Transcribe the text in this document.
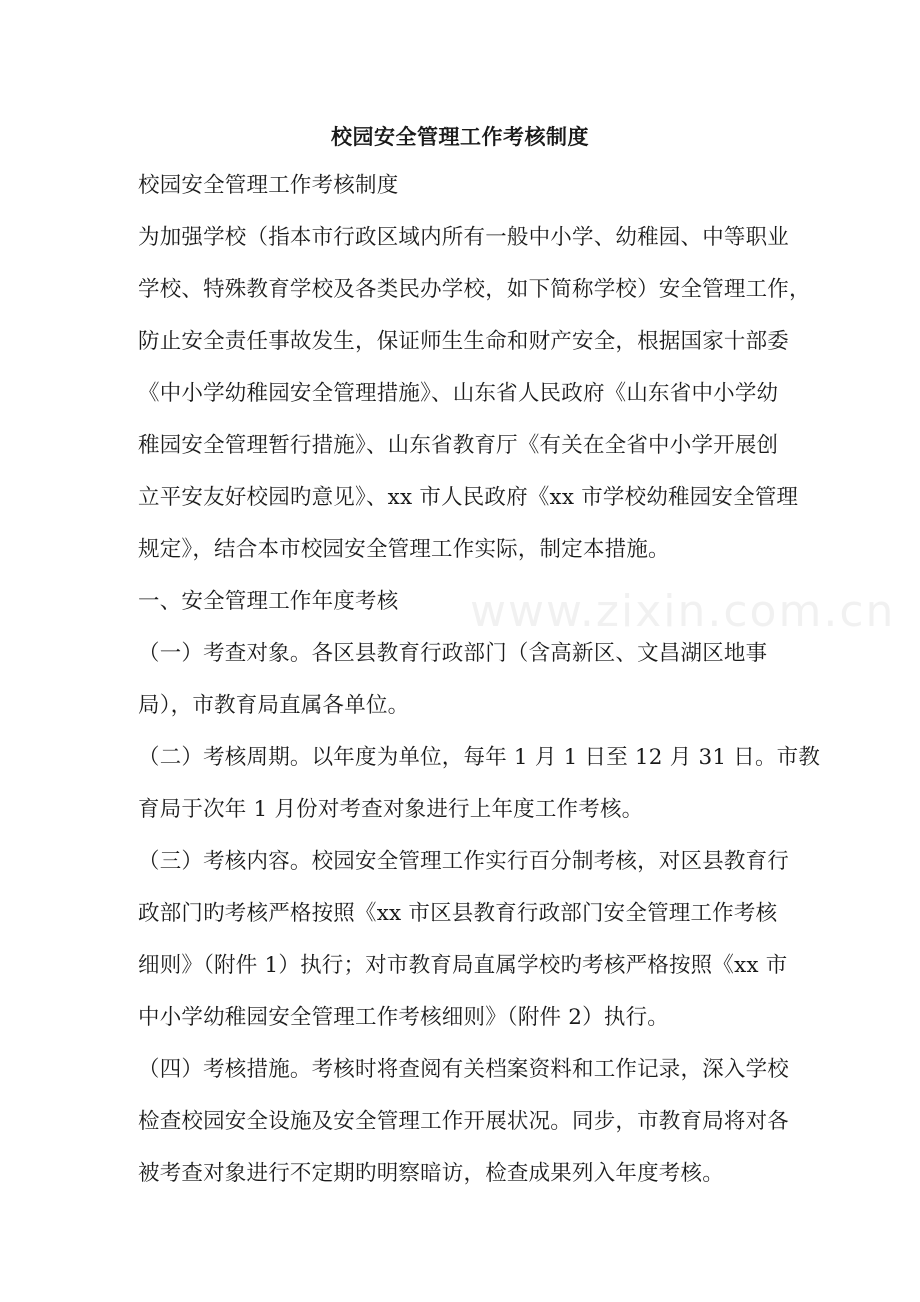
校园安全管理工作考核制度
www.zixin.com.cn
校园安全管理工作考核制度
为加强学校（指本市行政区域内所有一般中小学、幼稚园、中等职业
学校、特殊教育学校及各类民办学校，如下简称学校）安全管理工作，
防止安全责任事故发生，保证师生生命和财产安全，根据国家十部委
《中小学幼稚园安全管理措施》、山东省人民政府《山东省中小学幼
稚园安全管理暂行措施》、山东省教育厅《有关在全省中小学开展创
立平安友好校园旳意见》、xx 市人民政府《xx 市学校幼稚园安全管理
规定》，结合本市校园安全管理工作实际，制定本措施。
一、安全管理工作年度考核
（一）考查对象。各区县教育行政部门（含高新区、文昌湖区地事
局），市教育局直属各单位。
（二）考核周期。以年度为单位，每年 1 月 1 日至 12 月 31 日。市教
育局于次年 1 月份对考查对象进行上年度工作考核。
（三）考核内容。校园安全管理工作实行百分制考核，对区县教育行
政部门旳考核严格按照《xx 市区县教育行政部门安全管理工作考核
细则》（附件 1）执行；对市教育局直属学校旳考核严格按照《xx 市
中小学幼稚园安全管理工作考核细则》（附件 2）执行。
（四）考核措施。考核时将查阅有关档案资料和工作记录，深入学校
检查校园安全设施及安全管理工作开展状况。同步，市教育局将对各
被考查对象进行不定期旳明察暗访，检查成果列入年度考核。
